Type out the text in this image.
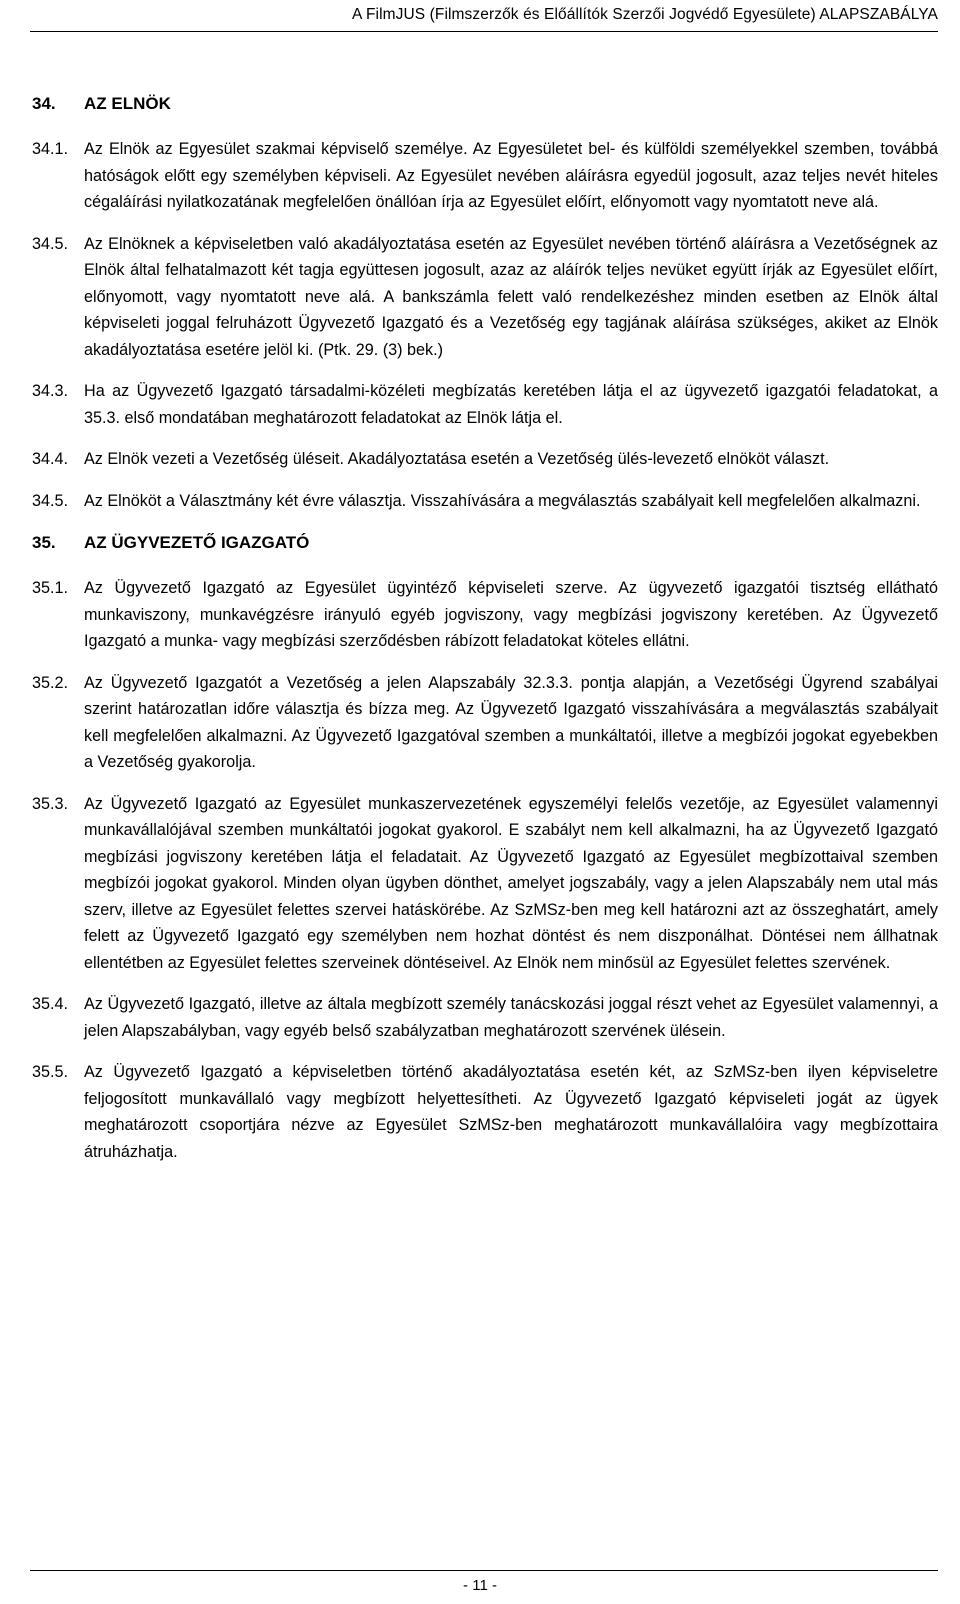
A FilmJUS (Filmszerzők és Előállítók Szerzői Jogvédő Egyesülete) ALAPSZABÁLYA
34.	AZ ELNÖK
34.1. Az Elnök az Egyesület szakmai képviselő személye. Az Egyesületet bel- és külföldi személyekkel szemben, továbbá hatóságok előtt egy személyben képviseli. Az Egyesület nevében aláírásra egyedül jogosult, azaz teljes nevét hiteles cégaláírási nyilatkozatának megfelelően önállóan írja az Egyesület előírt, előnyomott vagy nyomtatott neve alá.
34.5. Az Elnöknek a képviseletben való akadályoztatása esetén az Egyesület nevében történő aláírásra a Vezetőségnek az Elnök által felhatalmazott két tagja együttesen jogosult, azaz az aláírók teljes nevüket együtt írják az Egyesület előírt, előnyomott, vagy nyomtatott neve alá. A bankszámla felett való rendelkezéshez minden esetben az Elnök által képviseleti joggal felruházott Ügyvezető Igazgató és a Vezetőség egy tagjának aláírása szükséges, akiket az Elnök akadályoztatása esetére jelöl ki. (Ptk. 29. (3) bek.)
34.3. Ha az Ügyvezető Igazgató társadalmi-közéleti megbízatás keretében látja el az ügyvezető igazgatói feladatokat, a 35.3. első mondatában meghatározott feladatokat az Elnök látja el.
34.4. Az Elnök vezeti a Vezetőség üléseit. Akadályoztatása esetén a Vezetőség ülés-levezető elnököt választ.
34.5. Az Elnököt a Választmány két évre választja. Visszahívására a megválasztás szabályait kell megfelelően alkalmazni.
35.	AZ ÜGYVEZETŐ IGAZGATÓ
35.1. Az Ügyvezető Igazgató az Egyesület ügyintéző képviseleti szerve. Az ügyvezető igazgatói tisztség ellátható munkaviszony, munkavégzésre irányuló egyéb jogviszony, vagy megbízási jogviszony keretében. Az Ügyvezető Igazgató a munka- vagy megbízási szerződésben rábízott feladatokat köteles ellátni.
35.2. Az Ügyvezető Igazgatót a Vezetőség a jelen Alapszabály 32.3.3. pontja alapján, a Vezetőségi Ügyrend szabályai szerint határozatlan időre választja és bízza meg. Az Ügyvezető Igazgató visszahívására a megválasztás szabályait kell megfelelően alkalmazni. Az Ügyvezető Igazgatóval szemben a munkáltatói, illetve a megbízói jogokat egyebekben a Vezetőség gyakorolja.
35.3. Az Ügyvezető Igazgató az Egyesület munkaszervezetének egyszemélyi felelős vezetője, az Egyesület valamennyi munkavállalójával szemben munkáltatói jogokat gyakorol. E szabályt nem kell alkalmazni, ha az Ügyvezető Igazgató megbízási jogviszony keretében látja el feladatait. Az Ügyvezető Igazgató az Egyesület megbízottaival szemben megbízói jogokat gyakorol. Minden olyan ügyben dönthet, amelyet jogszabály, vagy a jelen Alapszabály nem utal más szerv, illetve az Egyesület felettes szervei hatáskörébe. Az SzMSz-ben meg kell határozni azt az összeghatárt, amely felett az Ügyvezető Igazgató egy személyben nem hozhat döntést és nem diszponálhat. Döntései nem állhatnak ellentétben az Egyesület felettes szerveinek döntéseivel. Az Elnök nem minősül az Egyesület felettes szervének.
35.4. Az Ügyvezető Igazgató, illetve az általa megbízott személy tanácskozási joggal részt vehet az Egyesület valamennyi, a jelen Alapszabályban, vagy egyéb belső szabályzatban meghatározott szervének ülésein.
35.5. Az Ügyvezető Igazgató a képviseletben történő akadályoztatása esetén két, az SzMSz-ben ilyen képviseletre feljogosított munkavállaló vagy megbízott helyettesítheti. Az Ügyvezető Igazgató képviseleti jogát az ügyek meghatározott csoportjára nézve az Egyesület SzMSz-ben meghatározott munkavállalóira vagy megbízottaira átruházhatja.
- 11 -
